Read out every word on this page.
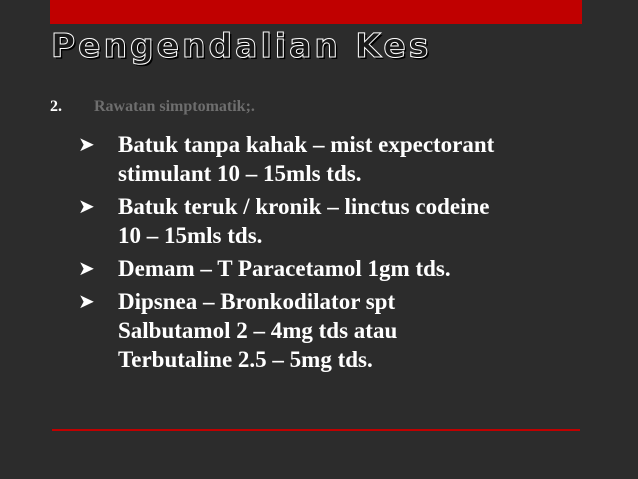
Pengendalian Kes
2. Rawatan simptomatik;.
➤	Batuk tanpa kahak – mist expectorant
stimulant 10 – 15mls tds.
➤	Batuk teruk / kronik – linctus codeine
10 – 15mls tds.
➤	Demam – T Paracetamol 1gm tds.
➤	Dipsnea – Bronkodilator spt
Salbutamol 2 – 4mg tds atau
Terbutaline 2.5 – 5mg tds.
